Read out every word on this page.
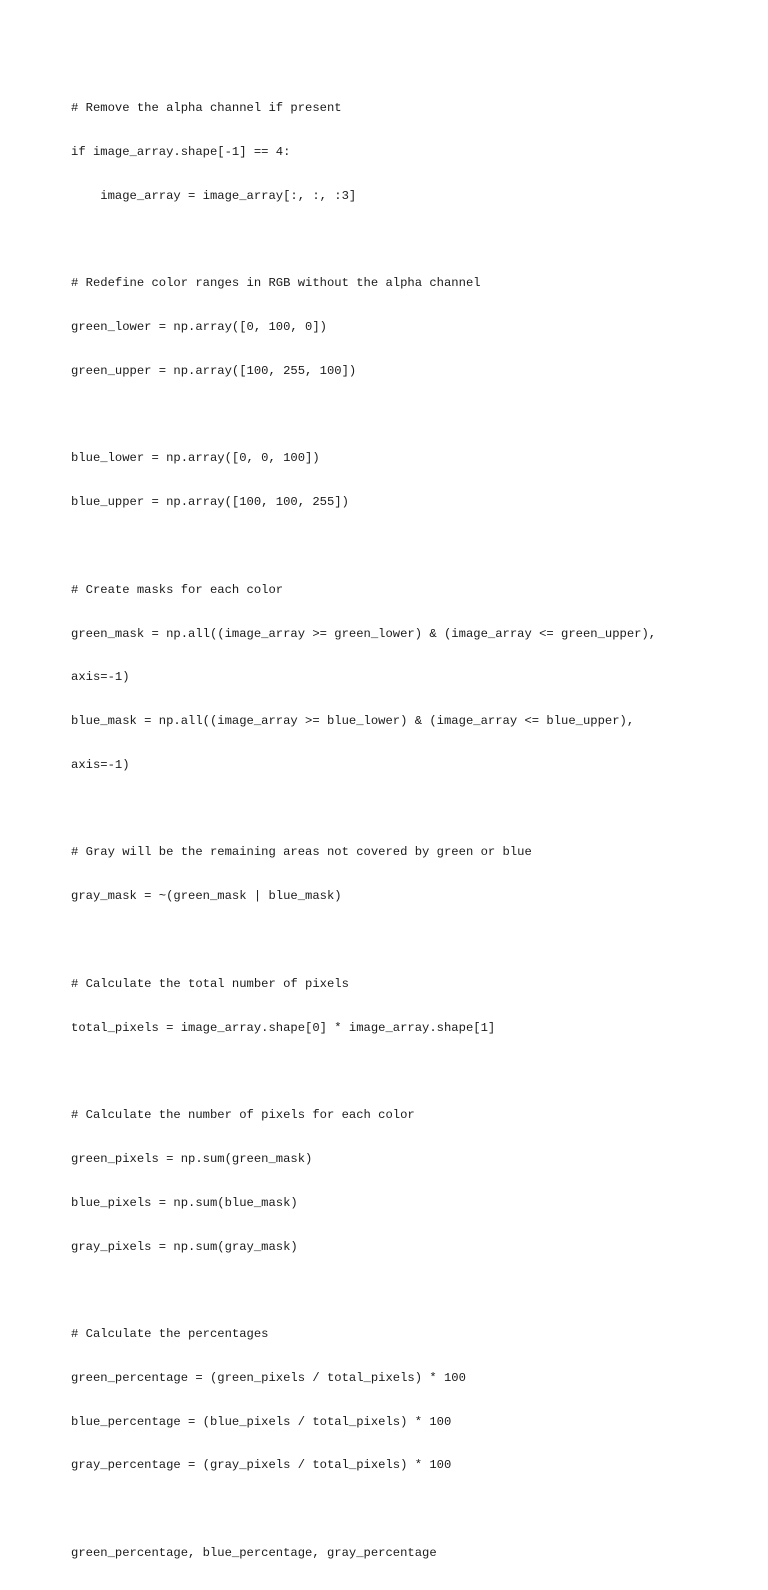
# Remove the alpha channel if present

if image_array.shape[-1] == 4:

image_array = image_array[:, :, :3]

# Redefine color ranges in RGB without the alpha channel

green_lower = np.array([0, 100, 0])

green_upper = np.array([100, 255, 100])

blue_lower = np.array([0, 0, 100])

blue_upper = np.array([100, 100, 255])

# Create masks for each color

green_mask = np.all((image_array >= green_lower) & (image_array <= green_upper),

axis=-1)

blue_mask = np.all((image_array >= blue_lower) & (image_array <= blue_upper),

axis=-1)

# Gray will be the remaining areas not covered by green or blue

gray_mask = ~(green_mask | blue_mask)

# Calculate the total number of pixels

total_pixels = image_array.shape[0] * image_array.shape[1]

# Calculate the number of pixels for each color

green_pixels = np.sum(green_mask)

blue_pixels = np.sum(blue_mask)

gray_pixels = np.sum(gray_mask)

# Calculate the percentages

green_percentage = (green_pixels / total_pixels) * 100

blue_percentage = (blue_pixels / total_pixels) * 100

gray_percentage = (gray_pixels / total_pixels) * 100

green_percentage, blue_percentage, gray_percentage
